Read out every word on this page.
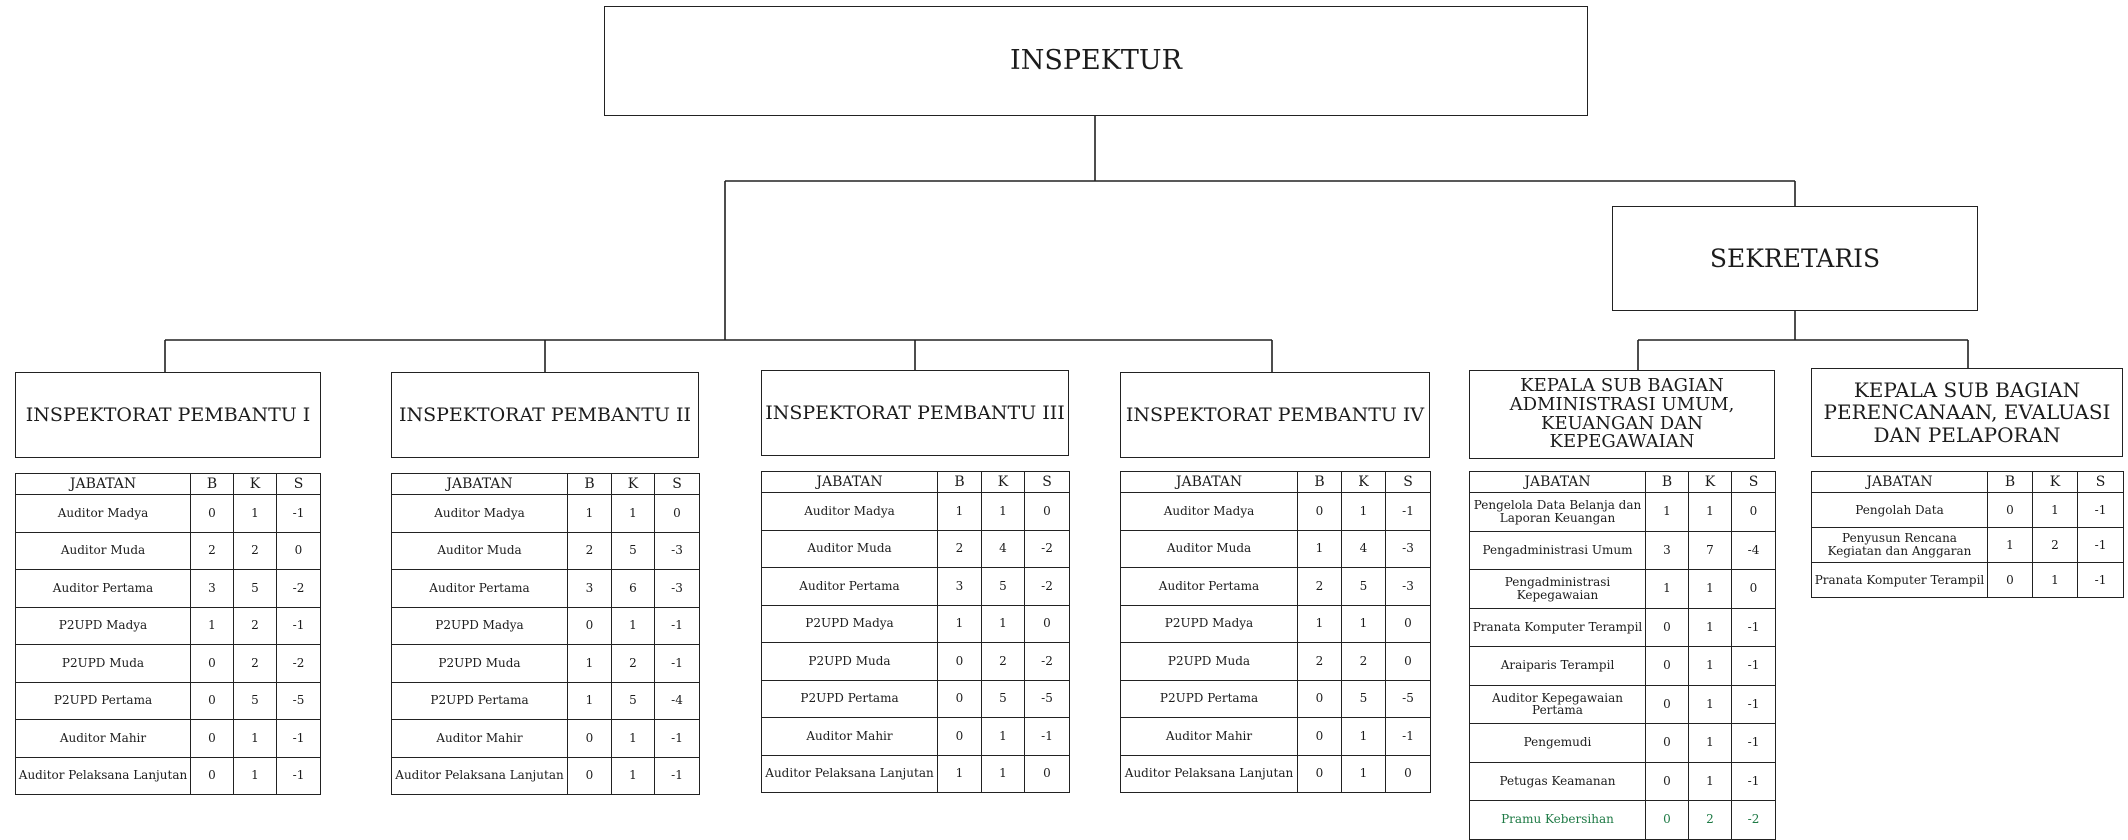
INSPEKTUR
SEKRETARIS
INSPEKTORAT PEMBANTU I	INSPEKTORAT PEMBANTU II	INSPEKTORAT PEMBANTU III	INSPEKTORAT PEMBANTU IV
KEPALA SUB BAGIAN ADMINISTRASI UMUM, KEUANGAN DAN KEPEGAWAIAN
KEPALA SUB BAGIAN PERENCANAAN, EVALUASI DAN PELAPORAN
JABATAN	B	K	S
Auditor Madya	0	1	-1
Auditor Muda	2	2	0
Auditor Pertama	3	5	-2
P2UPD Madya	1	2	-1
P2UPD Muda	0	2	-2
P2UPD Pertama	0	5	-5
Auditor Mahir	0	1	-1
Auditor Pelaksana Lanjutan	0	1	-1
JABATAN	B	K	S
Auditor Madya	1	1	0
Auditor Muda	2	5	-3
Auditor Pertama	3	6	-3
P2UPD Madya	0	1	-1
P2UPD Muda	1	2	-1
P2UPD Pertama	1	5	-4
Auditor Mahir	0	1	-1
Auditor Pelaksana Lanjutan	0	1	-1
JABATAN	B	K	S
Auditor Madya	1	1	0
Auditor Muda	2	4	-2
Auditor Pertama	3	5	-2
P2UPD Madya	1	1	0
P2UPD Muda	0	2	-2
P2UPD Pertama	0	5	-5
Auditor Mahir	0	1	-1
Auditor Pelaksana Lanjutan	1	1	0
JABATAN	B	K	S
Auditor Madya	0	1	-1
Auditor Muda	1	4	-3
Auditor Pertama	2	5	-3
P2UPD Madya	1	1	0
P2UPD Muda	2	2	0
P2UPD Pertama	0	5	-5
Auditor Mahir	0	1	-1
Auditor Pelaksana Lanjutan	0	1	0
JABATAN	B	K	S
Pengelola Data Belanja dan Laporan Keuangan	1	1	0
Pengadministrasi Umum	3	7	-4
Pengadministrasi Kepegawaian	1	1	0
Pranata Komputer Terampil	0	1	-1
Araiparis Terampil	0	1	-1
Auditor Kepegawaian Pertama	0	1	-1
Pengemudi	0	1	-1
Petugas Keamanan	0	1	-1
Pramu Kebersihan	0	2	-2
JABATAN	B	K	S
Pengolah Data	0	1	-1
Penyusun Rencana Kegiatan dan Anggaran	1	2	-1
Pranata Komputer Terampil	0	1	-1
